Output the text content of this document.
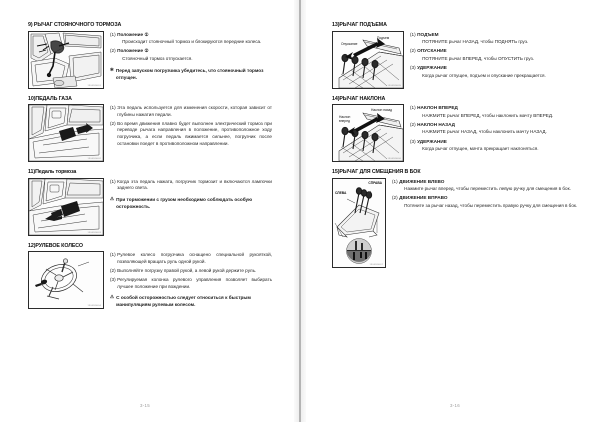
9) РЫЧАГ СТОЯНОЧНОГО ТОРМОЗА
13043GE01
(1) Положение ①
Происходит стояночный тормоз и блокируются передние колеса.
(2) Положение ②
Стояночный тормоз отпускается.
✻ Перед запуском погрузчика убедитесь, что стояночный тормоз отпущен.
10)ПЕДАЛЬ ГАЗА
13043GE02
(1) Эта педаль используется для изменения скорости, которая зависит от глубины нажатия педали.
(2) Во время движения плавно будет выполнен электрический тормоз при переводе рычага направления в положение, противоположное ходу погрузчика, а если педаль вжимается сильнее, погрузчик после остановки поедет в противоположном направлении.
11)Педаль тормоза
13043GE03
(1) Когда эта педаль нажата, погрузчик тормозит и включаются лампочки заднего света.
⚠ При торможении с грузом необходимо соблюдать особую осторожность.
12)РУЛЕВОЕ КОЛЕСО
13043GE04
(1) Рулевое колесо погрузчика оснащено специальной рукояткой, позволяющей вращать руль одной рукой.
(2) Выполняйте погрузку правой рукой, а левой рукой держите руль.
(3) Регулируемая колонка рулевого управления позволяет выбирать лучшее положение при вождении.
⚠ С особой осторожностью следует относиться к быстрым манипуляциям рулевым колесом.
3-15
13)РЫЧАГ ПОДЪЕМА
Опускание
Подъем
13043GE05
(1) ПОДЪЕМ
ПОТЯНИТЕ рычаг НАЗАД, чтобы ПОДНЯТЬ груз.
(2) ОПУСКАНИЕ
ПОТЯНИТЕ рычаг ВПЕРЕД, чтобы ОПУСТИТЬ груз.
(3) УДЕРЖАНИЕ
Когда рычаг отпущен, подъем и опускание прекращается.
14)РЫЧАГ НАКЛОНА
Наклон вперед
Наклон назад
13043GE06
(1) НАКЛОН ВПЕРЕД
НАЖМИТЕ рычаг ВПЕРЕД, чтобы наклонить мачту ВПЕРЕД.
(2) НАКЛОН НАЗАД
НАЖМИТЕ рычаг НАЗАД, чтобы наклонить мачту НАЗАД.
(3) УДЕРЖАНИЕ
Когда рычаг отпущен, мачта прекращает наклоняться.
15)РЫЧАГ ДЛЯ СМЕЩЕНИЯ В БОК
СПРАВА
СЛЕВА
13043GE07
(1) ДВИЖЕНИЕ ВЛЕВО
Нажмите рычаг вперед, чтобы переместить левую ручку для смещения в бок.
(2) ДВИЖЕНИЕ ВПРАВО
Потяните за рычаг назад, чтобы переместить правую ручку для смещения в бок.
3-16
